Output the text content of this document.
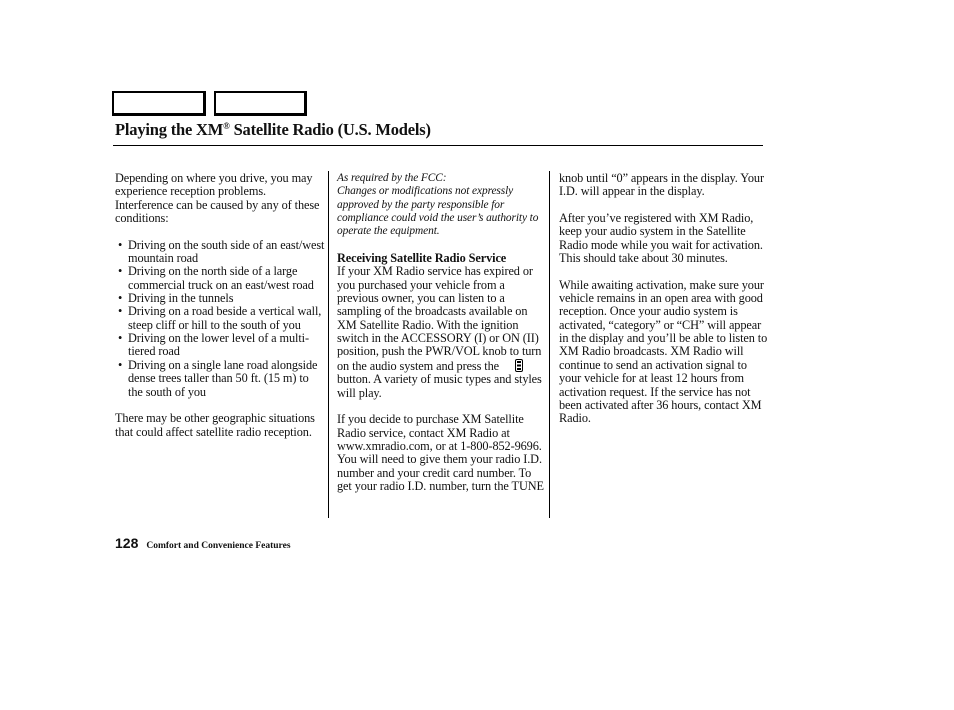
Playing the XM® Satellite Radio (U.S. Models)

Depending on where you drive, you may experience reception problems. Interference can be caused by any of these conditions:

• Driving on the south side of an east/west mountain road
• Driving on the north side of a large commercial truck on an east/west road
• Driving in the tunnels
• Driving on a road beside a vertical wall, steep cliff or hill to the south of you
• Driving on the lower level of a multi-tiered road
• Driving on a single lane road alongside dense trees taller than 50 ft. (15 m) to the south of you

There may be other geographic situations that could affect satellite radio reception.

As required by the FCC:

Changes or modifications not expressly approved by the party responsible for compliance could void the user’s authority to operate the equipment.

Receiving Satellite Radio Service

If your XM Radio service has expired or you purchased your vehicle from a previous owner, you can listen to a sampling of the broadcasts available on XM Satellite Radio. With the ignition switch in the ACCESSORY (I) or ON (II) position, push the PWR/VOL knob to turn on the audio system and press thebutton. A variety of music types and styles will play.

If you decide to purchase XM Satellite Radio service, contact XM Radio at www.xmradio.com, or at 1-800-852-9696. You will need to give them your radio I.D. number and your credit card number. To get your radio I.D. number, turn the TUNE

knob until “0” appears in the display. Your I.D. will appear in the display.

After you’ve registered with XM Radio, keep your audio system in the Satellite Radio mode while you wait for activation. This should take about 30 minutes.

While awaiting activation, make sure your vehicle remains in an open area with good reception. Once your audio system is activated, “category” or “CH” will appear in the display and you’ll be able to listen to XM Radio broadcasts. XM Radio will continue to send an activation signal to your vehicle for at least 12 hours from activation request. If the service has not been activated after 36 hours, contact XM Radio.

128 Comfort and Convenience Features
